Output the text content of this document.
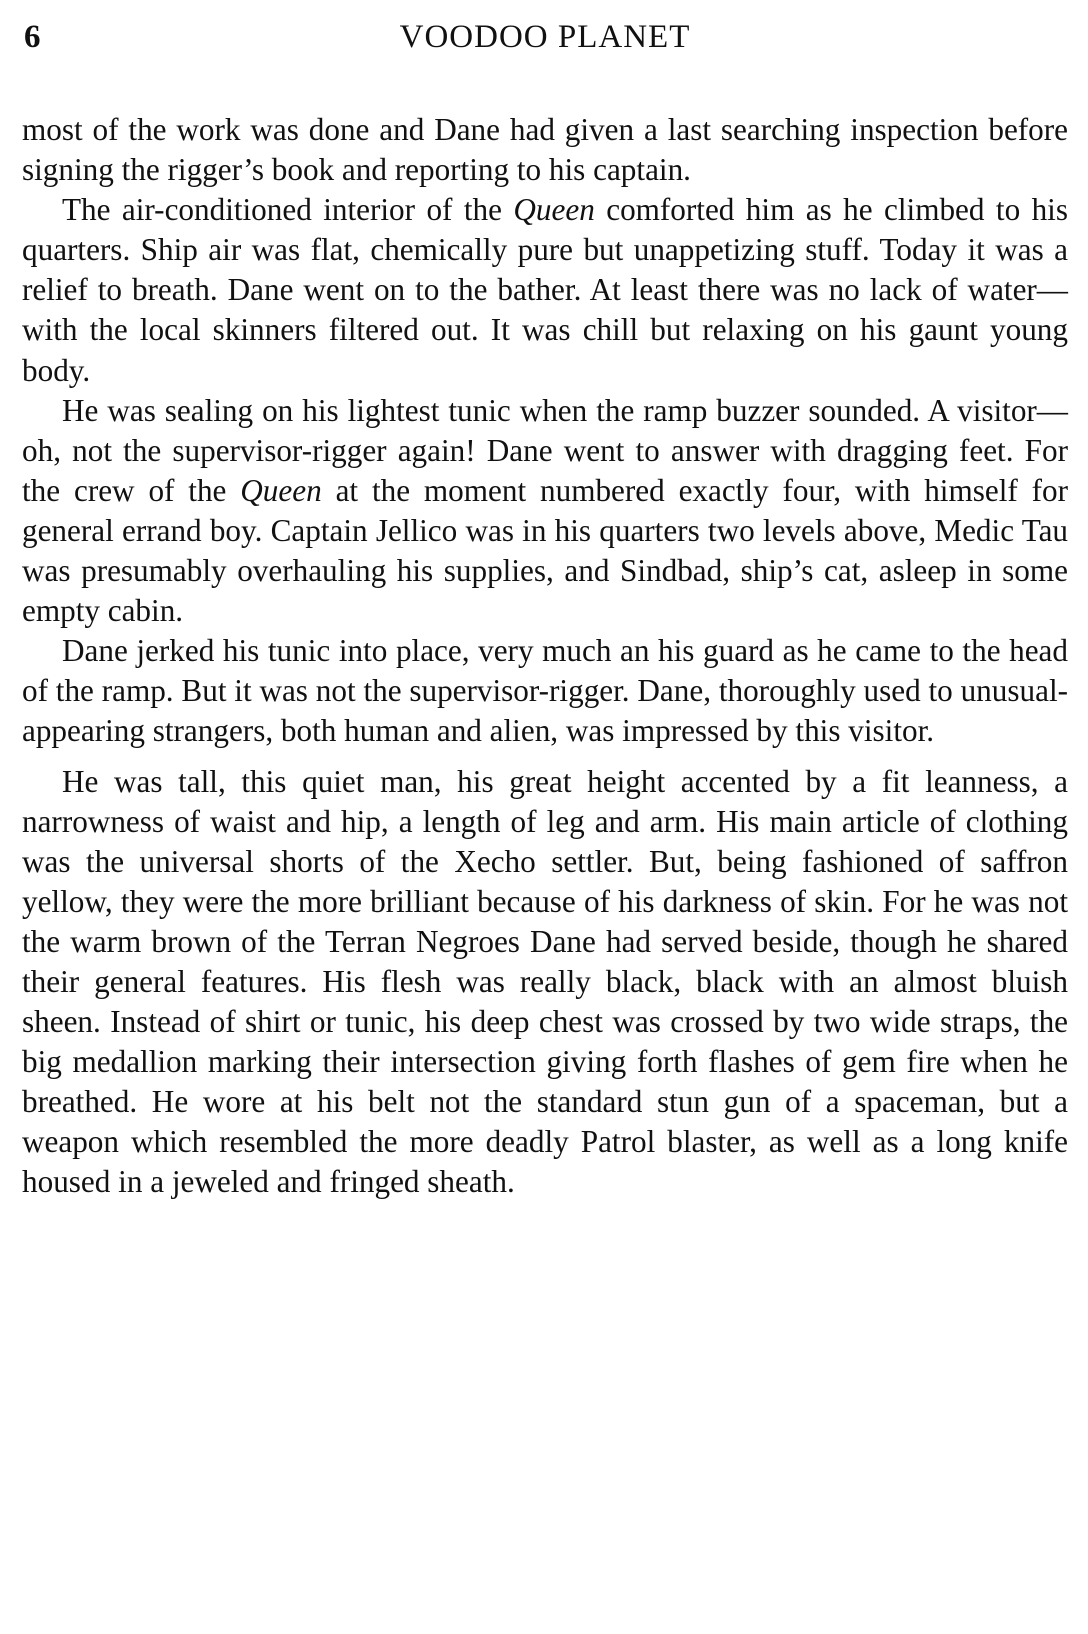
6	VOODOO PLANET

most of the work was done and Dane had given a last searching inspection before signing the rigger’s book and reporting to his captain.

The air-conditioned interior of the Queen comforted him as he climbed to his quarters. Ship air was flat, chemically pure but unappetizing stuff. Today it was a relief to breath. Dane went on to the bather. At least there was no lack of water—with the local skinners filtered out. It was chill but relaxing on his gaunt young body.

He was sealing on his lightest tunic when the ramp buzzer sounded. A visitor—oh, not the supervisor-rigger again! Dane went to answer with dragging feet. For the crew of the Queen at the moment numbered exactly four, with himself for general errand boy. Captain Jellico was in his quarters two levels above, Medic Tau was presumably overhauling his supplies, and Sindbad, ship’s cat, asleep in some empty cabin.

Dane jerked his tunic into place, very much an his guard as he came to the head of the ramp. But it was not the supervisor-rigger. Dane, thoroughly used to unusual-appearing strangers, both human and alien, was impressed by this visitor.

He was tall, this quiet man, his great height accented by a fit leanness, a narrowness of waist and hip, a length of leg and arm. His main article of clothing was the universal shorts of the Xecho settler. But, being fashioned of saffron yellow, they were the more brilliant because of his darkness of skin. For he was not the warm brown of the Terran Negroes Dane had served beside, though he shared their general features. His flesh was really black, black with an almost bluish sheen. Instead of shirt or tunic, his deep chest was crossed by two wide straps, the big medallion marking their intersection giving forth flashes of gem fire when he breathed. He wore at his belt not the standard stun gun of a spaceman, but a weapon which resembled the more deadly Patrol blaster, as well as a long knife housed in a jeweled and fringed sheath.
